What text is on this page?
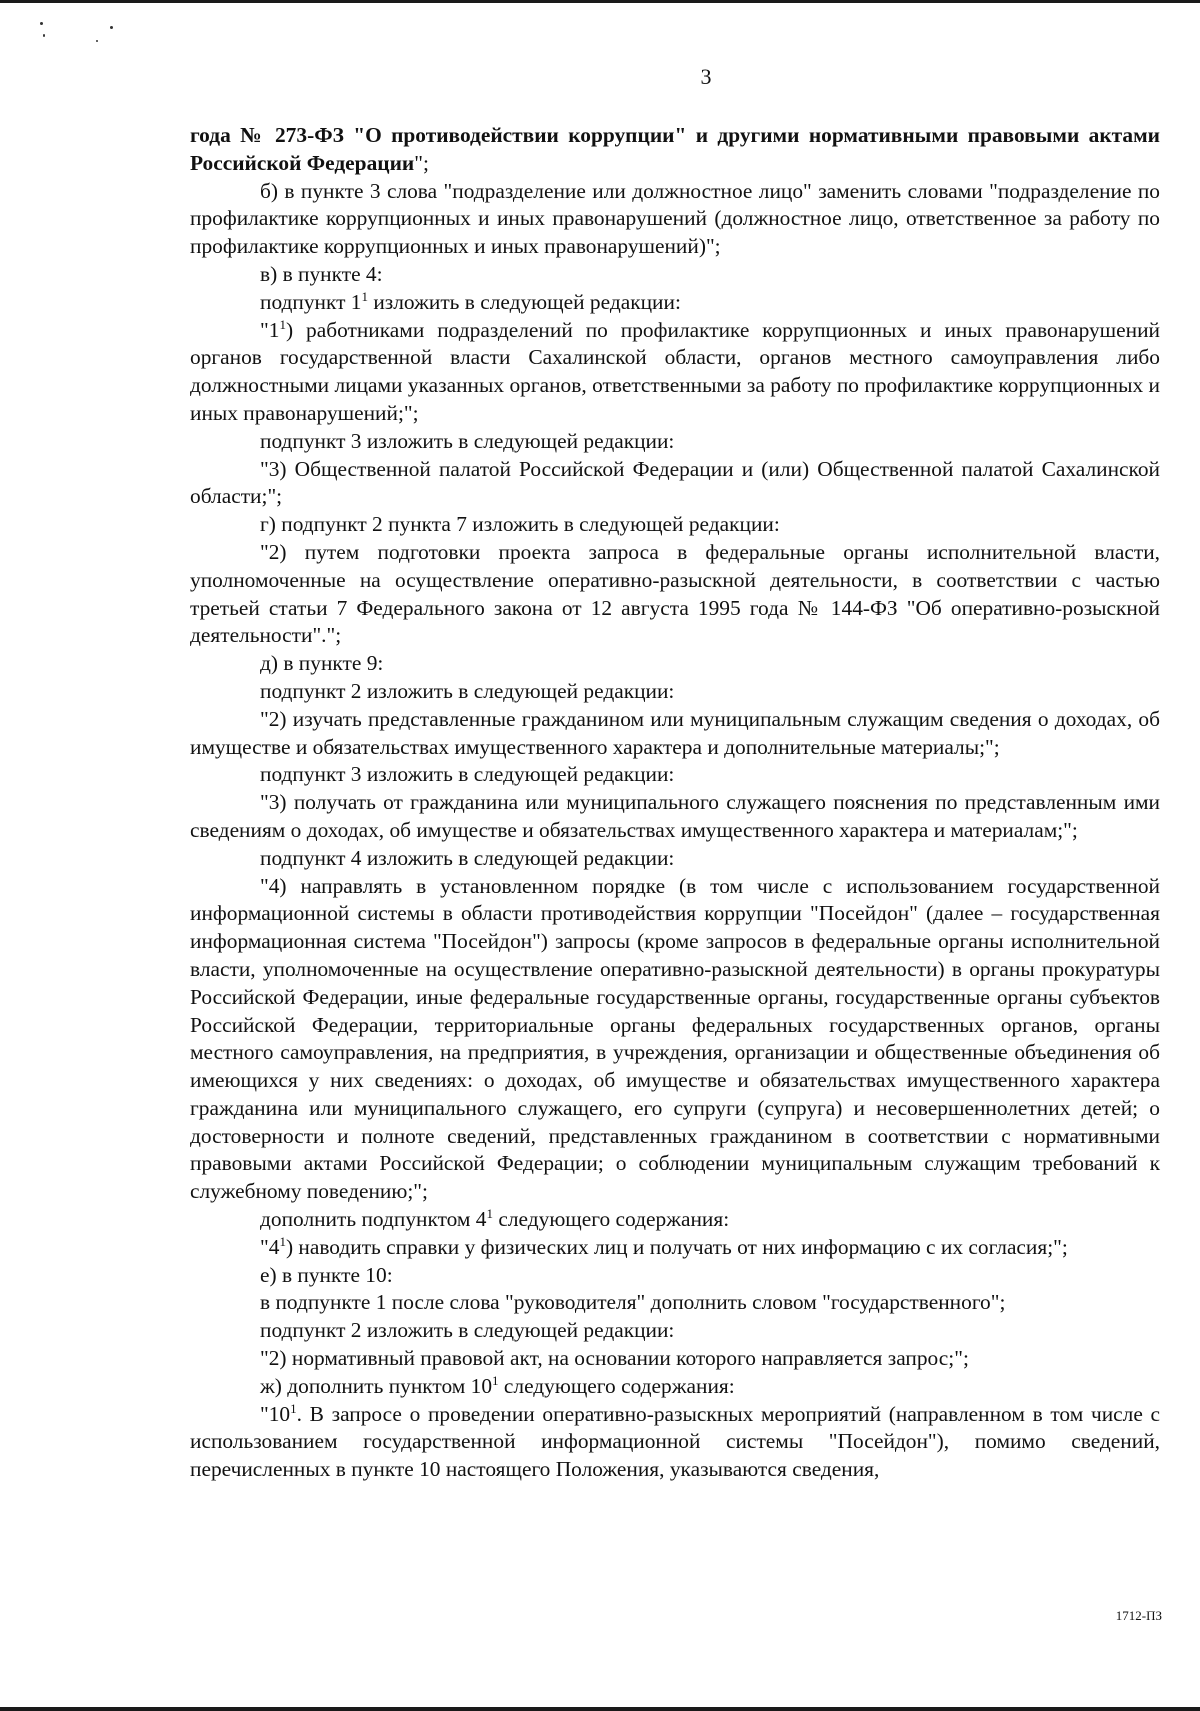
3

года № 273-ФЗ "О противодействии коррупции" и другими нормативными правовыми актами Российской Федерации";

б) в пункте 3 слова "подразделение или должностное лицо" заменить словами "подразделение по профилактике коррупционных и иных правонарушений (должностное лицо, ответственное за работу по профилактике коррупционных и иных правонарушений)";

в) в пункте 4:

подпункт $1^1$ изложить в следующей редакции:

"$1^1$) работниками подразделений по профилактике коррупционных и иных правонарушений органов государственной власти Сахалинской области, органов местного самоуправления либо должностными лицами указанных органов, ответственными за работу по профилактике коррупционных и иных правонарушений;";

подпункт 3 изложить в следующей редакции:

"3) Общественной палатой Российской Федерации и (или) Общественной палатой Сахалинской области;";

г) подпункт 2 пункта 7 изложить в следующей редакции:

"2) путем подготовки проекта запроса в федеральные органы исполнительной власти, уполномоченные на осуществление оперативно-разыскной деятельности, в соответствии с частью третьей статьи 7 Федерального закона от 12 августа 1995 года № 144-ФЗ "Об оперативно-розыскной деятельности".";

д) в пункте 9:

подпункт 2 изложить в следующей редакции:

"2) изучать представленные гражданином или муниципальным служащим сведения о доходах, об имуществе и обязательствах имущественного характера и дополнительные материалы;";

подпункт 3 изложить в следующей редакции:

"3) получать от гражданина или муниципального служащего пояснения по представленным ими сведениям о доходах, об имуществе и обязательствах имущественного характера и материалам;";

подпункт 4 изложить в следующей редакции:

"4) направлять в установленном порядке (в том числе с использованием государственной информационной системы в области противодействия коррупции "Посейдон" (далее – государственная информационная система "Посейдон") запросы (кроме запросов в федеральные органы исполнительной власти, уполномоченные на осуществление оперативно-разыскной деятельности) в органы прокуратуры Российской Федерации, иные федеральные государственные органы, государственные органы субъектов Российской Федерации, территориальные органы федеральных государственных органов, органы местного самоуправления, на предприятия, в учреждения, организации и общественные объединения об имеющихся у них сведениях: о доходах, об имуществе и обязательствах имущественного характера гражданина или муниципального служащего, его супруги (супруга) и несовершеннолетних детей; о достоверности и полноте сведений, представленных гражданином в соответствии с нормативными правовыми актами Российской Федерации; о соблюдении муниципальным служащим требований к служебному поведению;";

дополнить подпунктом $4^1$ следующего содержания:

"$4^1$) наводить справки у физических лиц и получать от них информацию с их согласия;";

е) в пункте 10:

в подпункте 1 после слова "руководителя" дополнить словом "государственного";

подпункт 2 изложить в следующей редакции:

"2) нормативный правовой акт, на основании которого направляется запрос;";

ж) дополнить пунктом $10^1$ следующего содержания:

"$10^1$. В запросе о проведении оперативно-разыскных мероприятий (направленном в том числе с использованием государственной информационной системы "Посейдон"), помимо сведений, перечисленных в пункте 10 настоящего Положения, указываются сведения,

1712-ПЗ
